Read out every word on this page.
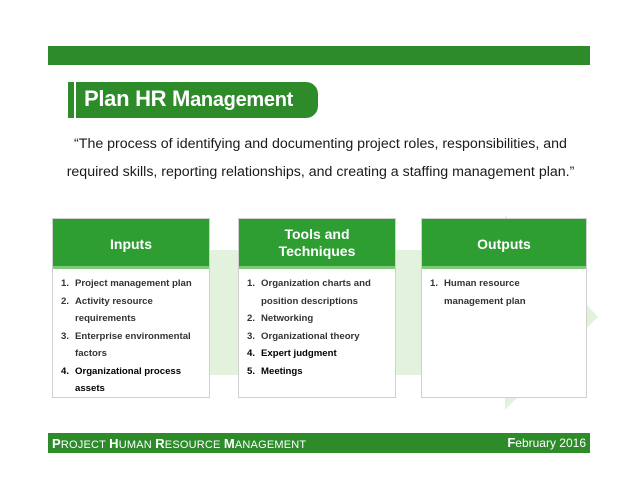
Plan HR Management
“The process of identifying and documenting project roles, responsibilities, and
required skills, reporting relationships, and creating a staffing management plan.”
Inputs
1. Project management plan
2. Activity resource
requirements
3. Enterprise environmental
factors
4. Organizational process
assets
Tools and
Techniques
1. Organization charts and
position descriptions
2. Networking
3. Organizational theory
4. Expert judgment
5. Meetings
Outputs
1. Human resource
management plan
PROJECT HUMAN RESOURCE MANAGEMENT	February 2016
